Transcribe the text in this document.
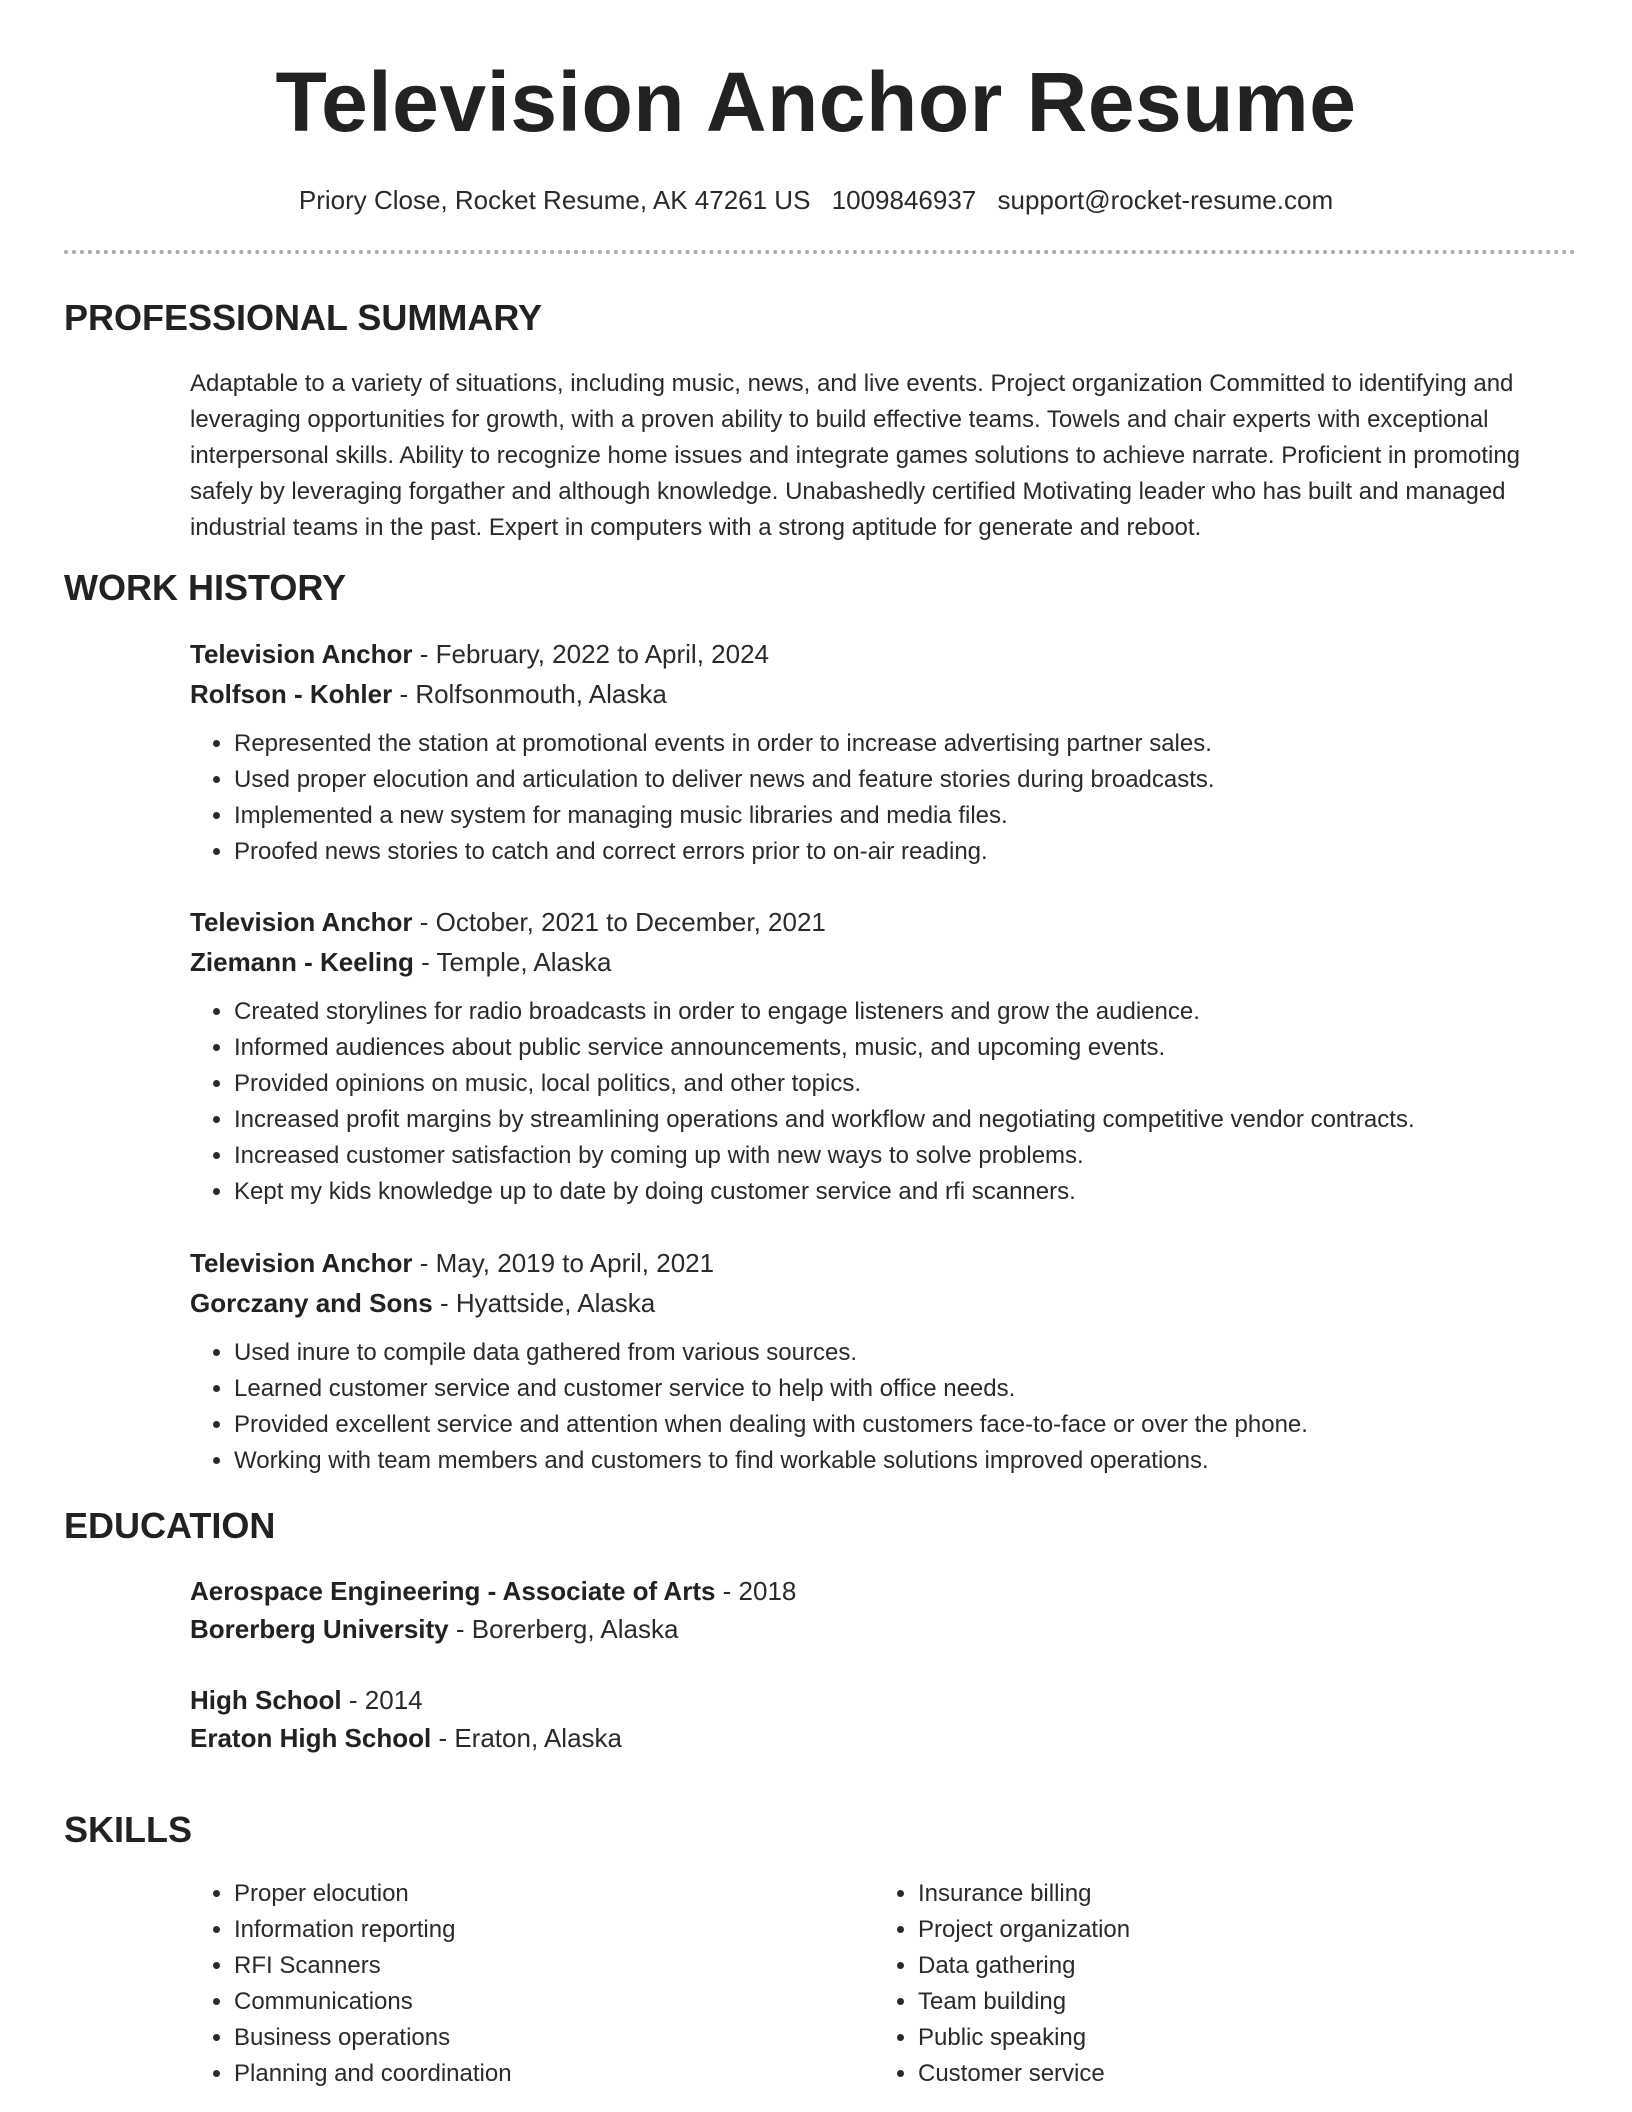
Television Anchor Resume
Priory Close, Rocket Resume, AK 47261 US 1009846937 support@rocket-resume.com
PROFESSIONAL SUMMARY

Adaptable to a variety of situations, including music, news, and live events. Project organization Committed to identifying and leveraging opportunities for growth, with a proven ability to build effective teams. Towels and chair experts with exceptional interpersonal skills. Ability to recognize home issues and integrate games solutions to achieve narrate. Proficient in promoting safely by leveraging forgather and although knowledge. Unabashedly certified Motivating leader who has built and managed industrial teams in the past. Expert in computers with a strong aptitude for generate and reboot.

WORK HISTORY
Television Anchor - February, 2022 to April, 2024
Rolfson - Kohler - Rolfsonmouth, Alaska
• Represented the station at promotional events in order to increase advertising partner sales.
• Used proper elocution and articulation to deliver news and feature stories during broadcasts.
• Implemented a new system for managing music libraries and media files.
• Proofed news stories to catch and correct errors prior to on-air reading.
Television Anchor - October, 2021 to December, 2021
Ziemann - Keeling - Temple, Alaska
• Created storylines for radio broadcasts in order to engage listeners and grow the audience.
• Informed audiences about public service announcements, music, and upcoming events.
• Provided opinions on music, local politics, and other topics.
• Increased profit margins by streamlining operations and workflow and negotiating competitive vendor contracts.
• Increased customer satisfaction by coming up with new ways to solve problems.
• Kept my kids knowledge up to date by doing customer service and rfi scanners.
Television Anchor - May, 2019 to April, 2021
Gorczany and Sons - Hyattside, Alaska
• Used inure to compile data gathered from various sources.
• Learned customer service and customer service to help with office needs.
• Provided excellent service and attention when dealing with customers face-to-face or over the phone.
• Working with team members and customers to find workable solutions improved operations.
EDUCATION
Aerospace Engineering - Associate of Arts - 2018
Borerberg University - Borerberg, Alaska
High School - 2014
Eraton High School - Eraton, Alaska
SKILLS
• Proper elocution
• Information reporting
• RFI Scanners
• Communications
• Business operations
• Planning and coordination
• Insurance billing
• Project organization
• Data gathering
• Team building
• Public speaking
• Customer service
